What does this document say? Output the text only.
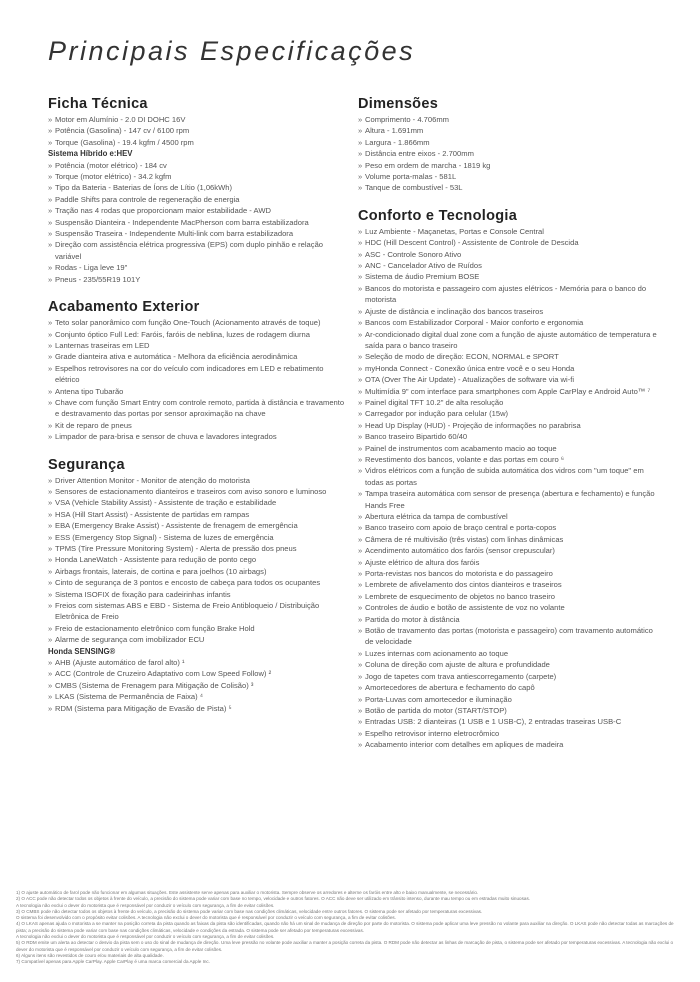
Principais Especificações
Ficha Técnica
» Motor em Alumínio - 2.0 DI DOHC 16V
» Potência (Gasolina) - 147 cv / 6100 rpm
» Torque (Gasolina) - 19.4 kgfm / 4500 rpm
Sistema Híbrido e:HEV
» Potência (motor elétrico) - 184 cv
» Torque (motor elétrico) - 34.2 kgfm
» Tipo da Bateria - Baterias de Íons de Lítio (1,06kWh)
» Paddle Shifts para controle de regeneração de energia
» Tração nas 4 rodas que proporcionam maior estabilidade - AWD
» Suspensão Dianteira - Independente MacPherson com barra estabilizadora
» Suspensão Traseira - Independente Multi-link com barra estabilizadora
» Direção com assistência elétrica progressiva (EPS) com duplo pinhão e relação variável
» Rodas - Liga leve 19"
» Pneus - 235/55R19 101Y
Acabamento Exterior
» Teto solar panorâmico com função One-Touch (Acionamento através de toque)
» Conjunto óptico Full Led: Faróis, faróis de neblina, luzes de rodagem diurna
» Lanternas traseiras em LED
» Grade dianteira ativa e automática - Melhora da eficiência aerodinâmica
» Espelhos retrovisores na cor do veículo com indicadores em LED e rebatimento elétrico
» Antena tipo Tubarão
» Chave com função Smart Entry com controle remoto, partida à distância e travamento e destravamento das portas por sensor aproximação na chave
» Kit de reparo de pneus
» Limpador de para-brisa e sensor de chuva e lavadores integrados
Segurança
» Driver Attention Monitor - Monitor de atenção do motorista
» Sensores de estacionamento dianteiros e traseiros com aviso sonoro e luminoso
» VSA (Vehicle Stability Assist) - Assistente de tração e estabilidade
» HSA (Hill Start Assist) - Assistente de partidas em rampas
» EBA (Emergency Brake Assist) - Assistente de frenagem de emergência
» ESS (Emergency Stop Signal) - Sistema de luzes de emergência
» TPMS (Tire Pressure Monitoring System) - Alerta de pressão dos pneus
» Honda LaneWatch - Assistente para redução de ponto cego
» Airbags frontais, laterais, de cortina e para joelhos (10 airbags)
» Cinto de segurança de 3 pontos e encosto de cabeça para todos os ocupantes
» Sistema ISOFIX de fixação para cadeirinhas infantis
» Freios com sistemas ABS e EBD - Sistema de Freio Antibloqueio / Distribuição Eletrônica de Freio
» Freio de estacionamento eletrônico com função Brake Hold
» Alarme de segurança com imobilizador ECU
Honda SENSING®
» AHB (Ajuste automático de farol alto) ¹
» ACC (Controle de Cruzeiro Adaptativo com Low Speed Follow) ²
» CMBS (Sistema de Frenagem para Mitigação de Colisão) ³
» LKAS (Sistema de Permanência de Faixa) ⁴
» RDM (Sistema para Mitigação de Evasão de Pista) ⁵
Dimensões
» Comprimento - 4.706mm
» Altura - 1.691mm
» Largura - 1.866mm
» Distância entre eixos - 2.700mm
» Peso em ordem de marcha - 1819 kg
» Volume porta-malas - 581L
» Tanque de combustível - 53L
Conforto e Tecnologia
» Luz Ambiente - Maçanetas, Portas e Console Central
» HDC (Hill Descent Control) - Assistente de Controle de Descida
» ASC - Controle Sonoro Ativo
» ANC - Cancelador Ativo de Ruídos
» Sistema de áudio Premium BOSE
» Bancos do motorista e passageiro com ajustes elétricos - Memória para o banco do motorista
» Ajuste de distância e inclinação dos bancos traseiros
» Bancos com Estabilizador Corporal - Maior conforto e ergonomia
» Ar-condicionado digital dual zone com a função de ajuste automático de temperatura e saída para o banco traseiro
» Seleção de modo de direção: ECON, NORMAL e SPORT
» myHonda Connect - Conexão única entre você e o seu Honda
» OTA (Over The Air Update) - Atualizações de software via wi-fi
» Multimídia 9" com interface para smartphones com Apple CarPlay e Android Auto™ ⁷
» Painel digital TFT 10.2" de alta resolução
» Carregador por indução para celular (15w)
» Head Up Display (HUD) - Projeção de informações no parabrisa
» Banco traseiro Bipartido 60/40
» Painel de instrumentos com acabamento macio ao toque
» Revestimento dos bancos, volante e das portas em couro ⁶
» Vidros elétricos com a função de subida automática dos vidros com "um toque" em todas as portas
» Tampa traseira automática com sensor de presença (abertura e fechamento) e função Hands Free
» Abertura elétrica da tampa de combustível
» Banco traseiro com apoio de braço central e porta-copos
» Câmera de ré multivisão (três vistas) com linhas dinâmicas
» Acendimento automático dos faróis (sensor crepuscular)
» Ajuste elétrico de altura dos faróis
» Porta-revistas nos bancos do motorista e do passageiro
» Lembrete de afivelamento dos cintos dianteiros e traseiros
» Lembrete de esquecimento de objetos no banco traseiro
» Controles de áudio e botão de assistente de voz no volante
» Partida do motor à distância
» Botão de travamento das portas (motorista e passageiro) com travamento automático de velocidade
» Luzes internas com acionamento ao toque
» Coluna de direção com ajuste de altura e profundidade
» Jogo de tapetes com trava antiescorregamento (carpete)
» Amortecedores de abertura e fechamento do capô
» Porta-Luvas com amortecedor e iluminação
» Botão de partida do motor (START/STOP)
» Entradas USB: 2 dianteiras (1 USB e 1 USB-C), 2 entradas traseiras USB-C
» Espelho retrovisor interno eletrocrômico
» Acabamento interior com detalhes em apliques de madeira

1) O ajuste automático de farol pode não funcionar em algumas situações. Este assistente serve apenas para auxiliar o motorista. Sempre observe os arredores e alterne os faróis entre alto e baixo manualmente, se necessário.

2) O ACC pode não detectar todos os objetos à frente do veículo, a precisão do sistema pode variar com base no tempo, velocidade e outros fatores. O ACC não deve ser utilizado em trânsito intenso, durante mau tempo ou em estradas muito sinuosas.

A tecnologia não exclui o dever do motorista que é responsável por conduzir o veículo com segurança, a fim de evitar colisões.

3) O CMBS pode não detectar todos os objetos à frente do veículo, a precisão do sistema pode variar com base nas condições climáticas, velocidade entre outros fatores. O sistema pode ser afetado por temperaturas excessivas.

O sistema foi desenvolvido com o propósito evitar colisões. A tecnologia não exclui o dever do motorista que é responsável por conduzir o veículo com segurança, a fim de evitar colisões.

4) O LKAS apenas ajuda o motorista a se manter na posição correta da pista quando as faixas da pista são identificadas, quando não há um sinal de mudança de direção por parte do motorista. O sistema pode aplicar uma leve pressão no volante para auxiliar na direção. O LKAS pode não detectar todas as marcações de pista; a precisão do sistema pode variar com base nas condições climáticas, velocidade e condições da estrada. O sistema pode ser afetado por temperaturas excessivas.

A tecnologia não exclui o dever do motorista que é responsável por conduzir o veículo com segurança, a fim de evitar colisões.

5) O RDM emite um alerta ao detectar o desvio da pista sem o uso do sinal de mudança de direção. Uma leve pressão no volante pode auxiliar a manter a posição correta da pista. O RDM pode não detectar as linhas de marcação de pista, o sistema pode ser afetado por temperaturas excessivas. A tecnologia não exclui o dever do motorista que é responsável por conduzir o veículo com segurança, a fim de evitar colisões.

6) Alguns itens são revestidos de couro e/ou materiais de alta qualidade.

7) Compatível apenas para Apple CarPlay. Apple CarPlay é uma marca comercial da Apple Inc.
